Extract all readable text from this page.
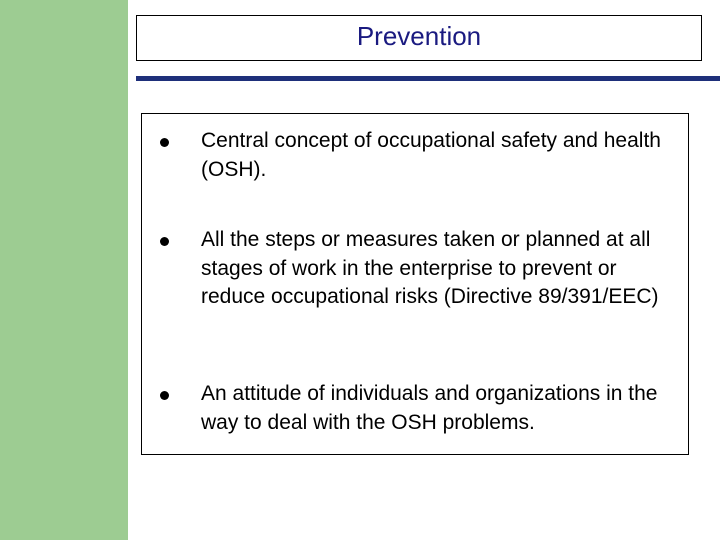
Prevention
Central concept of occupational safety and health (OSH).
All the steps or measures taken or planned at all stages of work in the enterprise to prevent or reduce occupational risks (Directive 89/391/EEC)
An attitude of individuals and organizations in the way to deal with the OSH problems.
